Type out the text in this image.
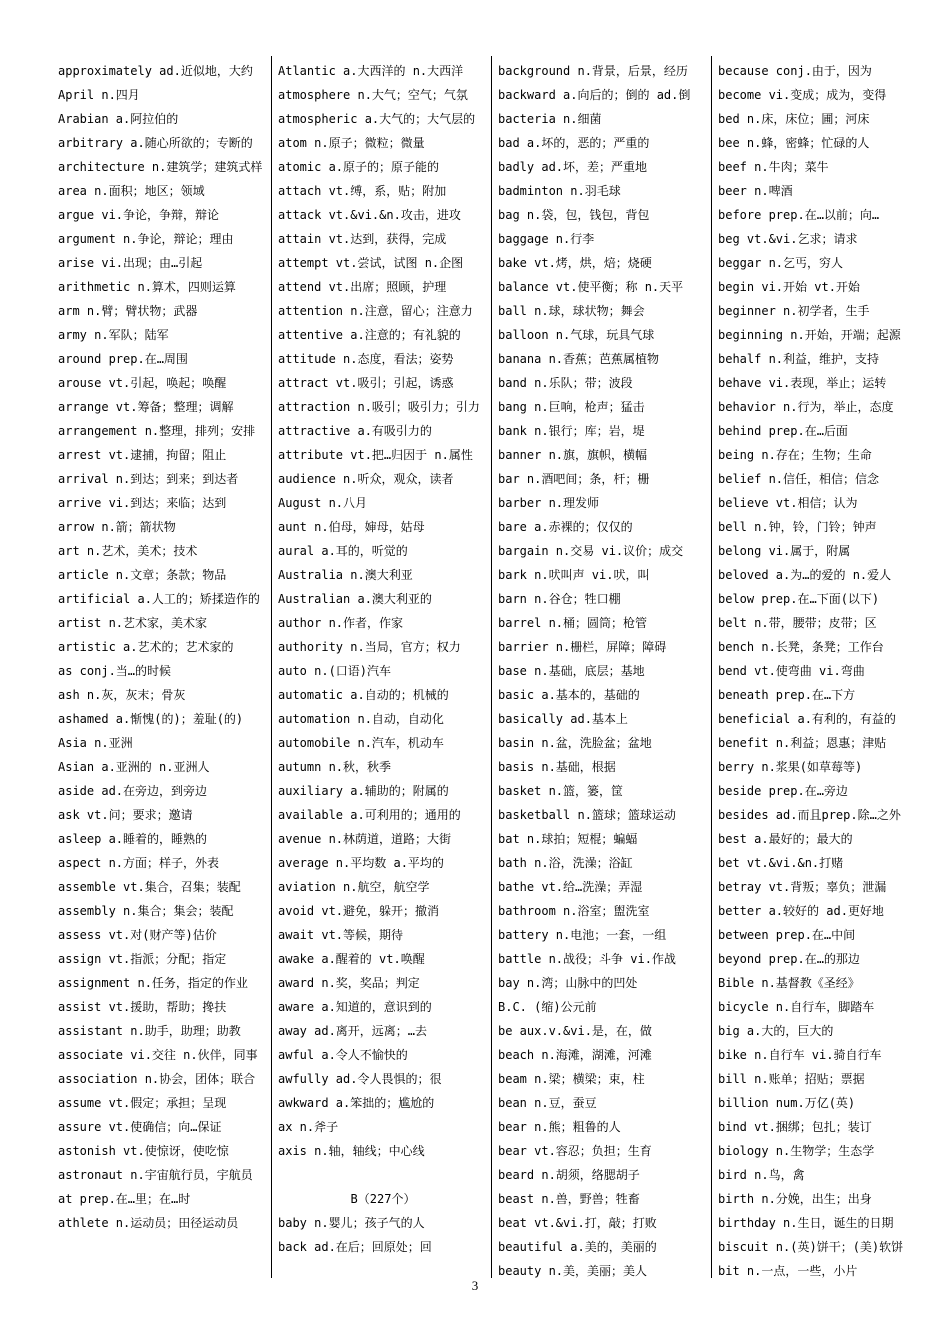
approximately ad.近似地，大约
April n.四月
Arabian a.阿拉伯的
arbitrary a.随心所欲的；专断的
architecture n.建筑学；建筑式样
area n.面积；地区；领域
argue vi.争论，争辩，辩论
argument n.争论，辩论；理由
arise vi.出现；由…引起
arithmetic n.算术，四则运算
arm n.臂；臂状物；武器
army n.军队；陆军
around prep.在…周围
arouse vt.引起，唤起；唤醒
arrange vt.筹备；整理；调解
arrangement n.整理，排列；安排
arrest vt.逮捕，拘留；阻止
arrival n.到达；到来；到达者
arrive vi.到达；来临；达到
arrow n.箭；箭状物
art n.艺术，美术；技术
article n.文章；条款；物品
artificial a.人工的；矫揉造作的
artist n.艺术家，美术家
artistic a.艺术的；艺术家的
as conj.当…的时候
ash n.灰，灰末；骨灰
ashamed a.惭愧(的)；羞耻(的)
Asia n.亚洲
Asian a.亚洲的 n.亚洲人
aside ad.在旁边，到旁边
ask vt.问；要求；邀请
asleep a.睡着的，睡熟的
aspect n.方面；样子，外表
assemble vt.集合，召集；装配
assembly n.集合；集会；装配
assess vt.对(财产等)估价
assign vt.指派；分配；指定
assignment n.任务，指定的作业
assist vt.援助，帮助；搀扶
assistant n.助手，助理；助教
associate vi.交往 n.伙伴，同事
association n.协会，团体；联合
assume vt.假定；承担；呈现
assure vt.使确信；向…保证
astonish vt.使惊讶，使吃惊
astronaut n.宇宙航行员，宇航员
at prep.在…里；在…时
athlete n.运动员；田径运动员
Atlantic a.大西洋的 n.大西洋
atmosphere n.大气；空气；气氛
atmospheric a.大气的；大气层的
atom n.原子；微粒；微量
atomic a.原子的；原子能的
attach vt.缚，系，贴；附加
attack vt.&vi.&n.攻击，进攻
attain vt.达到，获得，完成
attempt vt.尝试，试图 n.企图
attend vt.出席；照顾，护理
attention n.注意，留心；注意力
attentive a.注意的；有礼貌的
attitude n.态度，看法；姿势
attract vt.吸引；引起，诱惑
attraction n.吸引；吸引力；引力
attractive a.有吸引力的
attribute vt.把…归因于 n.属性
audience n.听众，观众，读者
August n.八月
aunt n.伯母，婶母，姑母
aural a.耳的，听觉的
Australia n.澳大利亚
Australian a.澳大利亚的
author n.作者，作家
authority n.当局，官方；权力
auto n.(口语)汽车
automatic a.自动的；机械的
automation n.自动，自动化
automobile n.汽车，机动车
autumn n.秋，秋季
auxiliary a.辅助的；附属的
available a.可利用的；通用的
avenue n.林荫道，道路；大街
average n.平均数 a.平均的
aviation n.航空，航空学
avoid vt.避免，躲开；撤消
await vt.等候，期待
awake a.醒着的 vt.唤醒
award n.奖，奖品；判定
aware a.知道的，意识到的
away ad.离开，远离；…去
awful a.令人不愉快的
awfully ad.令人畏惧的；很
awkward a.笨拙的；尴尬的
ax n.斧子
axis n.轴，轴线；中心线
B（227个）
baby n.婴儿；孩子气的人
back ad.在后；回原处；回
background n.背景，后景，经历
backward a.向后的；倒的 ad.倒
bacteria n.细菌
bad a.坏的，恶的；严重的
badly ad.坏，差；严重地
badminton n.羽毛球
bag n.袋，包，钱包，背包
baggage n.行李
bake vt.烤，烘，焙；烧硬
balance vt.使平衡；称 n.天平
ball n.球，球状物；舞会
balloon n.气球，玩具气球
banana n.香蕉；芭蕉属植物
band n.乐队；带；波段
bang n.巨响，枪声；猛击
bank n.银行；库；岩，堤
banner n.旗，旗帜，横幅
bar n.酒吧间；条，杆；栅
barber n.理发师
bare a.赤裸的；仅仅的
bargain n.交易 vi.议价；成交
bark n.吠叫声 vi.吠，叫
barn n.谷仓；牲口棚
barrel n.桶；圆筒；枪管
barrier n.栅栏，屏障；障碍
base n.基础，底层；基地
basic a.基本的，基础的
basically ad.基本上
basin n.盆，洗脸盆；盆地
basis n.基础，根据
basket n.篮，篓，筐
basketball n.篮球；篮球运动
bat n.球拍；短棍；蝙蝠
bath n.浴，洗澡；浴缸
bathe vt.给…洗澡；弄湿
bathroom n.浴室；盥洗室
battery n.电池；一套，一组
battle n.战役；斗争 vi.作战
bay n.湾；山脉中的凹处
B.C. (缩)公元前
be aux.v.&vi.是，在，做
beach n.海滩，湖滩，河滩
beam n.梁；横梁；束，柱
bean n.豆，蚕豆
bear n.熊；粗鲁的人
bear vt.容忍；负担；生育
beard n.胡须，络腮胡子
beast n.兽，野兽；牲畜
beat vt.&vi.打，敲；打败
beautiful a.美的，美丽的
beauty n.美，美丽；美人
because conj.由于，因为
become vi.变成；成为，变得
bed n.床，床位；圃；河床
bee n.蜂，密蜂；忙碌的人
beef n.牛肉；菜牛
beer n.啤酒
before prep.在…以前；向…
beg vt.&vi.乞求；请求
beggar n.乞丐，穷人
begin vi.开始 vt.开始
beginner n.初学者，生手
beginning n.开始，开端；起源
behalf n.利益，维护，支持
behave vi.表现，举止；运转
behavior n.行为，举止，态度
behind prep.在…后面
being n.存在；生物；生命
belief n.信任，相信；信念
believe vt.相信；认为
bell n.钟，铃，门铃；钟声
belong vi.属于，附属
beloved a.为…的爱的 n.爱人
below prep.在…下面(以下)
belt n.带，腰带；皮带；区
bench n.长凳，条凳；工作台
bend vt.使弯曲 vi.弯曲
beneath prep.在…下方
beneficial a.有利的，有益的
benefit n.利益；恩惠；津贴
berry n.浆果(如草莓等)
beside prep.在…旁边
besides ad.而且prep.除…之外
best a.最好的；最大的
bet vt.&vi.&n.打赌
betray vt.背叛；辜负；泄漏
better a.较好的 ad.更好地
between prep.在…中间
beyond prep.在…的那边
Bible n.基督教《圣经》
bicycle n.自行车，脚踏车
big a.大的，巨大的
bike n.自行车 vi.骑自行车
bill n.账单；招贴；票据
billion num.万亿(英)
bind vt.捆绑；包扎；装订
biology n.生物学；生态学
bird n.鸟，禽
birth n.分娩，出生；出身
birthday n.生日，诞生的日期
biscuit n.(英)饼干；(美)软饼
bit n.一点，一些，小片
3
